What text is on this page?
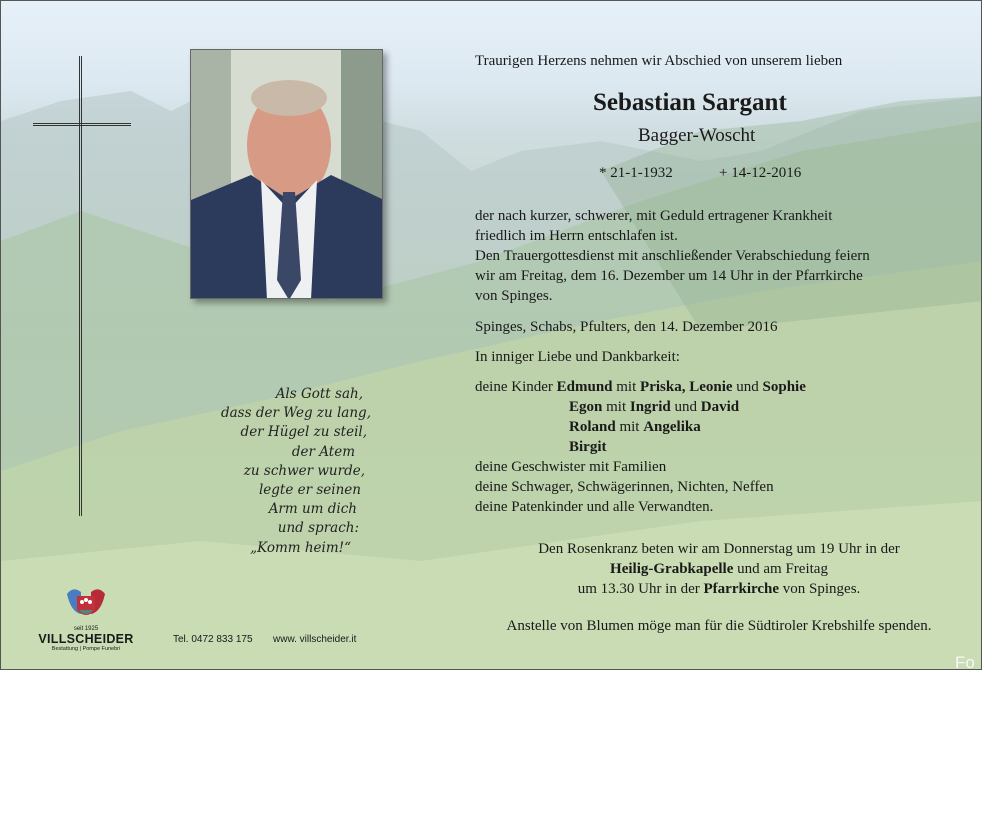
Traurigen Herzens nehmen wir Abschied von unserem lieben
Sebastian Sargant
Bagger-Woscht
* 21-1-1932	+ 14-12-2016
der nach kurzer, schwerer, mit Geduld ertragener Krankheit
friedlich im Herrn entschlafen ist.
Den Trauergottesdienst mit anschließender Verabschiedung feiern
wir am Freitag, dem 16. Dezember um 14 Uhr in der Pfarrkirche
von Spinges.
Spinges, Schabs, Pfulters, den 14. Dezember 2016
In inniger Liebe und Dankbarkeit:
deine Kinder Edmund mit Priska, Leonie und Sophie
Egon mit Ingrid und David
Roland mit Angelika
Birgit
deine Geschwister mit Familien
deine Schwager, Schwägerinnen, Nichten, Neffen
deine Patenkinder und alle Verwandten.
Den Rosenkranz beten wir am Donnerstag um 19 Uhr in der
Heilig-Grabkapelle und am Freitag
um 13.30 Uhr in der Pfarrkirche von Spinges.
Anstelle von Blumen möge man für die Südtiroler Krebshilfe spenden.
Als Gott sah,
dass der Weg zu lang,
der Hügel zu steil,
der Atem
zu schwer wurde,
legte er seinen
Arm um dich
und sprach:
„Komm heim!“
seit 1925
VILLSCHEIDER
Bestattung | Pompe Funebri
Tel. 0472 833 175 www. villscheider.it
Fo
